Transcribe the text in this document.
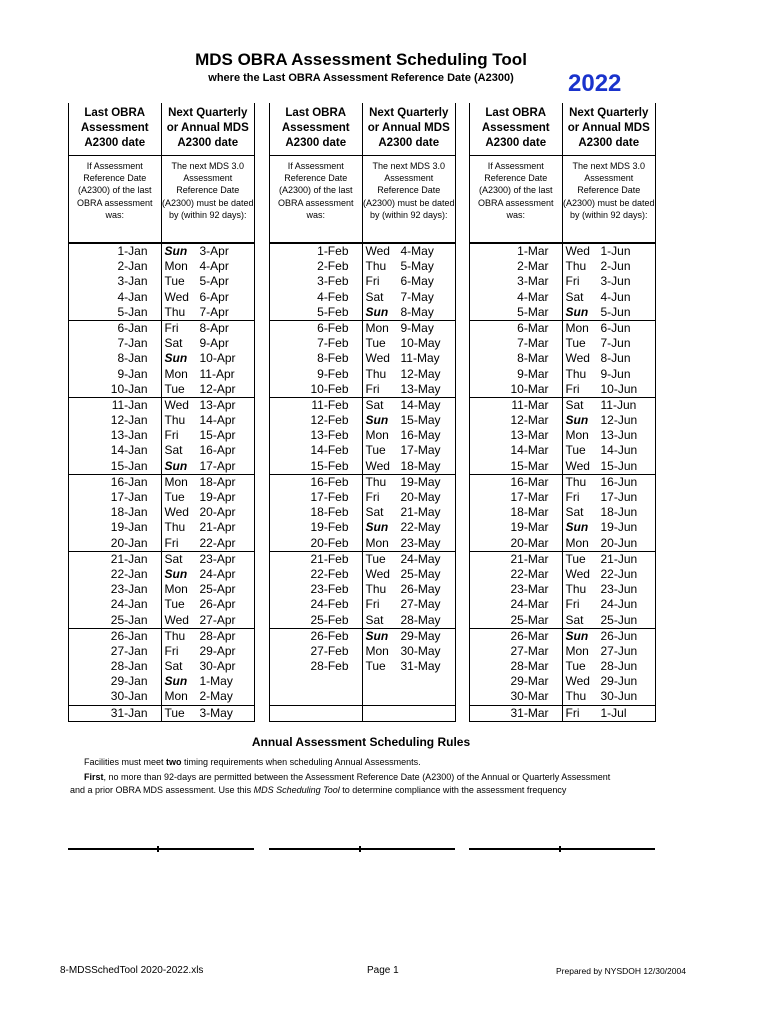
MDS OBRA Assessment Scheduling Tool
where the Last OBRA Assessment Reference Date (A2300)	2022
Last OBRA Assessment A2300 date
Next Quarterly or Annual MDS A2300 date
If Assessment Reference Date (A2300) of the last OBRA assessment was:
The next MDS 3.0 Assessment Reference Date (A2300) must be dated by (within 92 days):
1-Jan	Sun	3-Apr
2-Jan	Mon 4-Apr
3-Jan	Tue	5-Apr
4-Jan	Wed 6-Apr
5-Jan	Thu	7-Apr
6-Jan	Fri	8-Apr
7-Jan	Sat	9-Apr
8-Jan	Sun	10-Apr
9-Jan	Mon 11-Apr
10-Jan	Tue	12-Apr
11-Jan	Wed 13-Apr
12-Jan	Thu	14-Apr
13-Jan	Fri	15-Apr
14-Jan	Sat	16-Apr
15-Jan	Sun	17-Apr
16-Jan	Mon 18-Apr
17-Jan	Tue	19-Apr
18-Jan	Wed 20-Apr
19-Jan	Thu	21-Apr
20-Jan	Fri	22-Apr
21-Jan	Sat	23-Apr
22-Jan	Sun	24-Apr
23-Jan	Mon 25-Apr
24-Jan	Tue	26-Apr
25-Jan	Wed 27-Apr
26-Jan	Thu	28-Apr
27-Jan	Fri	29-Apr
28-Jan	Sat	30-Apr
29-Jan	Sun	1-May
30-Jan	Mon 2-May
31-Jan	Tue	3-May
Last OBRA Assessment A2300 date
Next Quarterly or Annual MDS A2300 date
If Assessment Reference Date (A2300) of the last OBRA assessment was:
The next MDS 3.0 Assessment Reference Date (A2300) must be dated by (within 92 days):
1-Feb	Wed 4-May
2-Feb	Thu	5-May
3-Feb	Fri	6-May
4-Feb	Sat	7-May
5-Feb	Sun	8-May
6-Feb	Mon 9-May
7-Feb	Tue	10-May
8-Feb	Wed 11-May
9-Feb	Thu	12-May
10-Feb	Fri	13-May
11-Feb	Sat	14-May
12-Feb	Sun	15-May
13-Feb	Mon 16-May
14-Feb	Tue	17-May
15-Feb	Wed 18-May
16-Feb	Thu	19-May
17-Feb	Fri	20-May
18-Feb	Sat	21-May
19-Feb	Sun	22-May
20-Feb	Mon 23-May
21-Feb	Tue	24-May
22-Feb	Wed 25-May
23-Feb	Thu	26-May
24-Feb	Fri	27-May
25-Feb	Sat	28-May
26-Feb	Sun	29-May
27-Feb	Mon 30-May
28-Feb	Tue	31-May
Last OBRA Assessment A2300 date
Next Quarterly or Annual MDS A2300 date
If Assessment Reference Date (A2300) of the last OBRA assessment was:
The next MDS 3.0 Assessment Reference Date (A2300) must be dated by (within 92 days):
1-Mar	Wed 1-Jun
2-Mar	Thu	2-Jun
3-Mar	Fri	3-Jun
4-Mar	Sat	4-Jun
5-Mar	Sun	5-Jun
6-Mar	Mon 6-Jun
7-Mar	Tue	7-Jun
8-Mar	Wed 8-Jun
9-Mar	Thu	9-Jun
10-Mar	Fri	10-Jun
11-Mar	Sat	11-Jun
12-Mar	Sun	12-Jun
13-Mar	Mon 13-Jun
14-Mar	Tue	14-Jun
15-Mar	Wed 15-Jun
16-Mar	Thu	16-Jun
17-Mar	Fri	17-Jun
18-Mar	Sat	18-Jun
19-Mar	Sun	19-Jun
20-Mar	Mon 20-Jun
21-Mar	Tue	21-Jun
22-Mar	Wed 22-Jun
23-Mar	Thu	23-Jun
24-Mar	Fri	24-Jun
25-Mar	Sat	25-Jun
26-Mar	Sun	26-Jun
27-Mar	Mon 27-Jun
28-Mar	Tue	28-Jun
29-Mar	Wed 29-Jun
30-Mar	Thu	30-Jun
31-Mar	Fri	1-Jul
Annual Assessment Scheduling Rules
Facilities must meet two timing requirements when scheduling Annual Assessments.
First, no more than 92-days are permitted between the Assessment Reference Date (A2300) of the Annual or Quarterly Assessment
and a prior OBRA MDS assessment. Use this MDS Scheduling Tool to determine compliance with the assessment frequency
8-MDSSchedTool 2020-2022.xls	Page 1	Prepared by NYSDOH 12/30/2004
